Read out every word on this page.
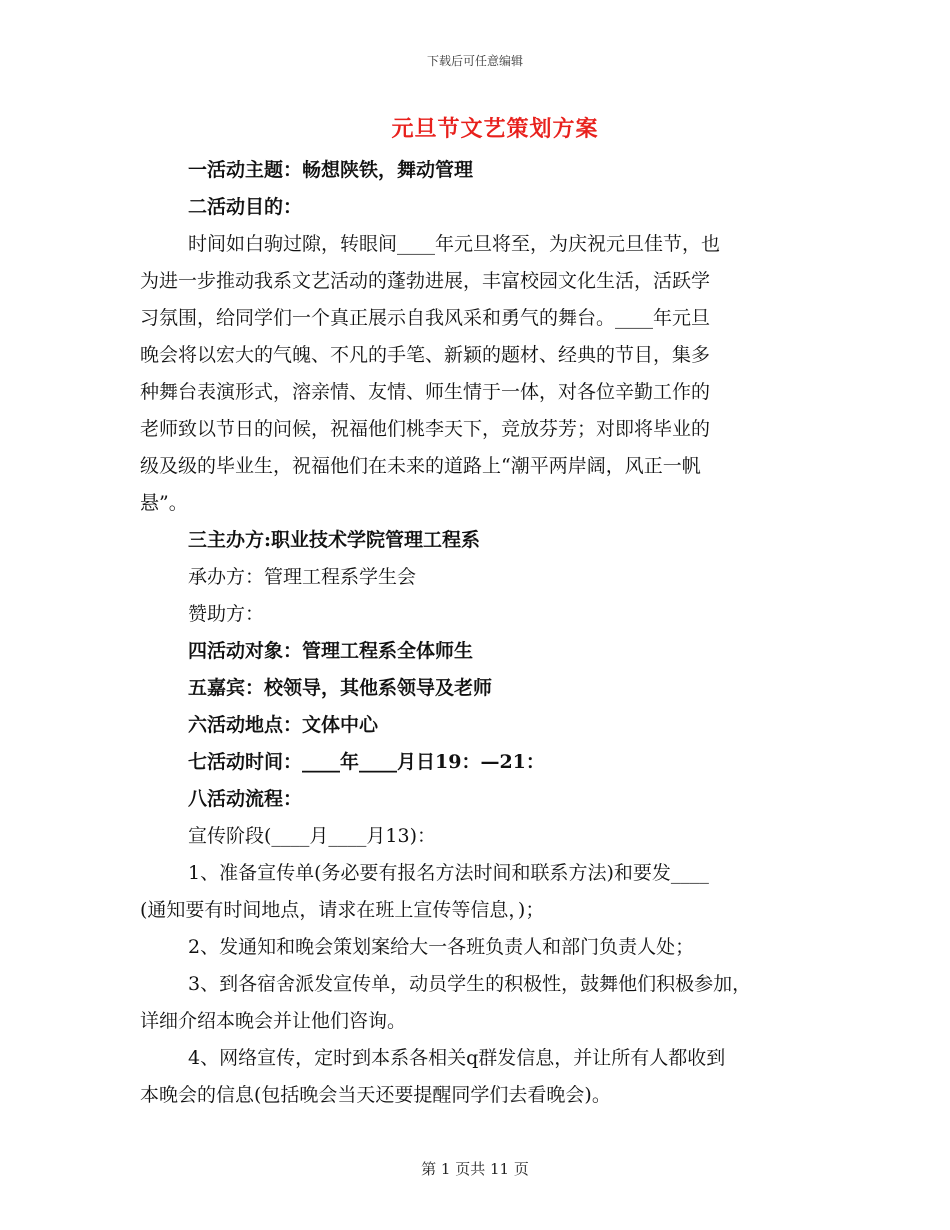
下载后可任意编辑
元旦节文艺策划方案
一活动主题：畅想陕铁，舞动管理
二活动目的：
时间如白驹过隙，转眼间____年元旦将至，为庆祝元旦佳节，也
为进一步推动我系文艺活动的蓬勃进展，丰富校园文化生活，活跃学
习氛围，给同学们一个真正展示自我风采和勇气的舞台。____年元旦
晚会将以宏大的气魄、不凡的手笔、新颖的题材、经典的节目，集多
种舞台表演形式，溶亲情、友情、师生情于一体，对各位辛勤工作的
老师致以节日的问候，祝福他们桃李天下，竞放芬芳；对即将毕业的
级及级的毕业生，祝福他们在未来的道路上“潮平两岸阔，风正一帆
悬”。
三主办方:职业技术学院管理工程系
承办方：管理工程系学生会
赞助方：
四活动对象：管理工程系全体师生
五嘉宾：校领导，其他系领导及老师
六活动地点：文体中心
七活动时间：____年____月日19：—21：
八活动流程：
宣传阶段(____月____月13)：
1、准备宣传单(务必要有报名方法时间和联系方法)和要发____
(通知要有时间地点，请求在班上宣传等信息，)；
2、发通知和晚会策划案给大一各班负责人和部门负责人处；
3、到各宿舍派发宣传单，动员学生的积极性，鼓舞他们积极参加，
详细介绍本晚会并让他们咨询。
4、网络宣传，定时到本系各相关q群发信息，并让所有人都收到
本晚会的信息(包括晚会当天还要提醒同学们去看晚会)。
第 1 页共 11 页
